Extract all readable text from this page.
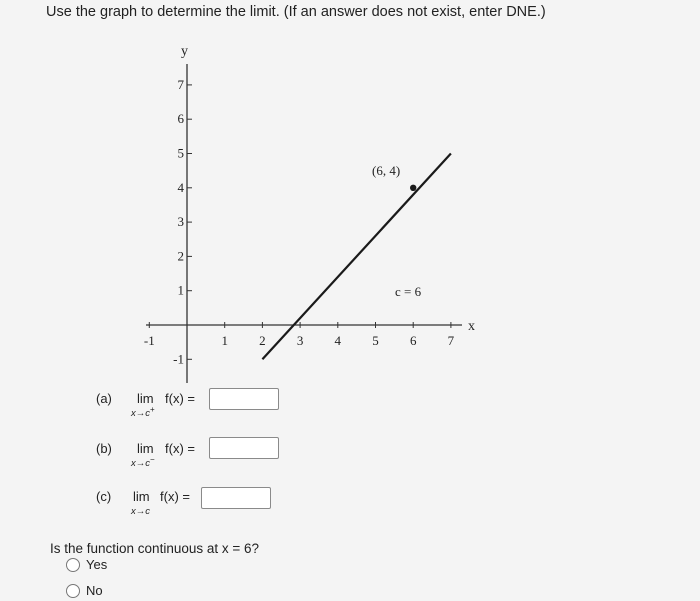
Use the graph to determine the limit. (If an answer does not exist, enter DNE.)
-1	1 2 3 4 5 6 7
7
6
5
4
3
2
1
-1
y
x
(6, 4)
c = 6
(a) lim
x→c+
f(x) =
(b) lim
x→c−
f(x) =
(c) lim
x→c
f(x) =
Is the function continuous at x = 6?
Yes
No
